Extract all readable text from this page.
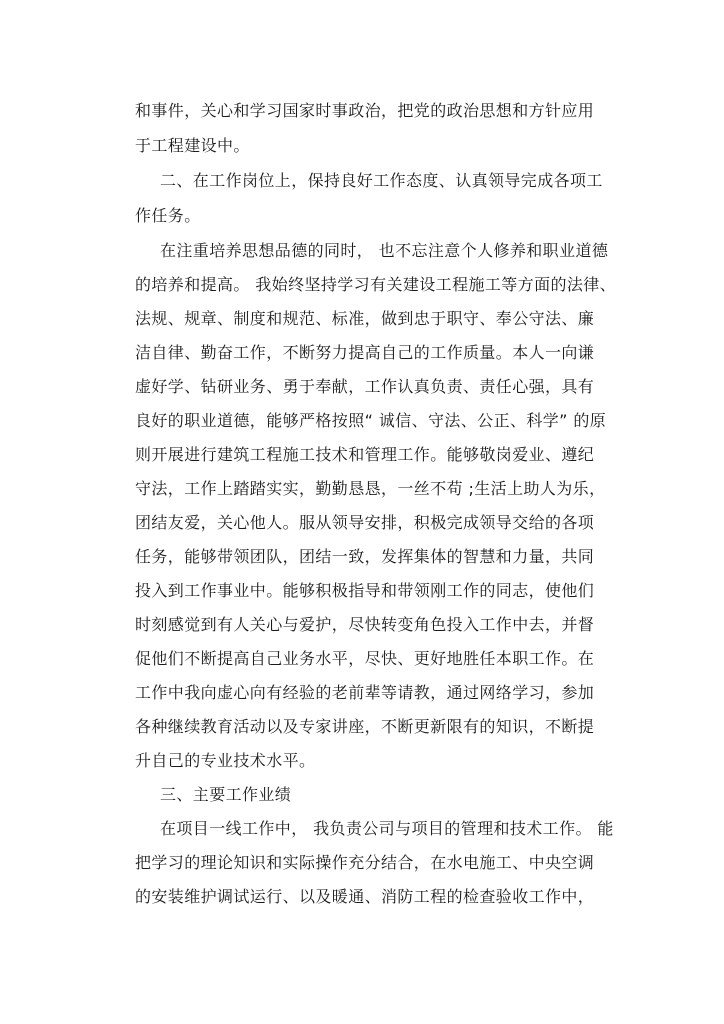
和事件，关心和学习国家时事政治，把党的政治思想和方针应用
于工程建设中。
二、在工作岗位上，保持良好工作态度、认真领导完成各项工
作任务。
在注重培养思想品德的同时， 也不忘注意个人修养和职业道德
的培养和提高。 我始终坚持学习有关建设工程施工等方面的法律、
法规、规章、制度和规范、标准，做到忠于职守、奉公守法、廉
洁自律、勤奋工作，不断努力提高自己的工作质量。本人一向谦
虚好学、钻研业务、勇于奉献，工作认真负责、责任心强，具有
良好的职业道德，能够严格按照“ 诚信、守法、公正、科学” 的原
则开展进行建筑工程施工技术和管理工作。能够敬岗爱业、遵纪
守法，工作上踏踏实实，勤勤恳恳，一丝不苟 ;生活上助人为乐，
团结友爱，关心他人。服从领导安排，积极完成领导交给的各项
任务，能够带领团队，团结一致，发挥集体的智慧和力量，共同
投入到工作事业中。能够积极指导和带领刚工作的同志，使他们
时刻感觉到有人关心与爱护，尽快转变角色投入工作中去，并督
促他们不断提高自己业务水平，尽快、更好地胜任本职工作。在
工作中我向虚心向有经验的老前辈等请教，通过网络学习，参加
各种继续教育活动以及专家讲座，不断更新限有的知识，不断提
升自己的专业技术水平。
三、主要工作业绩
在项目一线工作中， 我负责公司与项目的管理和技术工作。 能
把学习的理论知识和实际操作充分结合，在水电施工、中央空调
的安装维护调试运行、以及暖通、消防工程的检查验收工作中，
